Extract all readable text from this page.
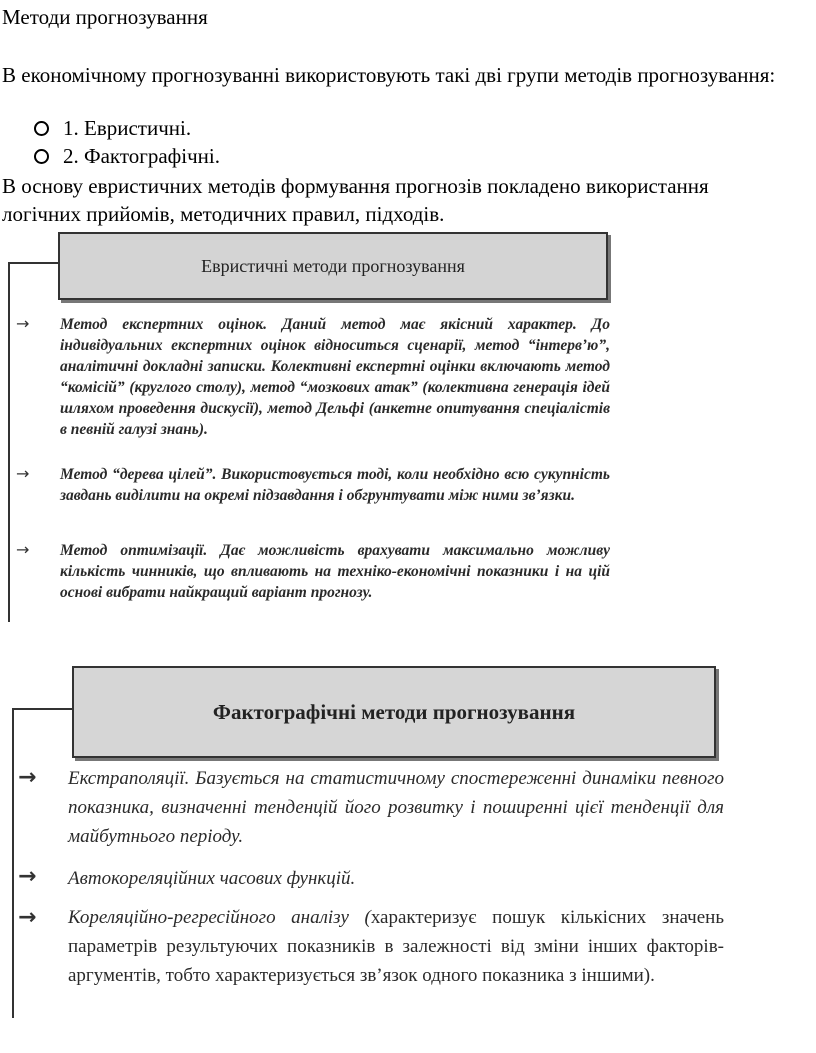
Методи прогнозування
В економічному прогнозуванні використовують такі дві групи методів прогнозування:
1. Евристичні.
2. Фактографічні.
В основу евристичних методів формування прогнозів покладено використання логічних прийомів, методичних правил, підходів.
Евристичні методи прогнозування
→ Метод експертних оцінок. Даний метод має якісний характер. До індивідуальних експертних оцінок відноситься сценарії, метод “інтерв’ю”, аналітичні докладні записки. Колективні експертні оцінки включають метод “комісій” (круглого столу), метод “мозкових атак” (колективна генерація ідей шляхом проведення дискусії), метод Дельфі (анкетне опитування спеціалістів в певній галузі знань).
→ Метод “дерева цілей”. Використовується тоді, коли необхідно всю сукупність завдань виділити на окремі підзавдання і обгрунтувати між ними зв’язки.
→ Метод оптимізації. Дає можливість врахувати максимально можливу кількість чинників, що впливають на техніко-економічні показники і на цій основі вибрати найкращий варіант прогнозу.
Фактографічні методи прогнозування
→ Екстраполяції. Базується на статистичному спостереженні динаміки певного показника, визначенні тенденцій його розвитку і поширенні цієї тенденції для майбутнього періоду.
→ Автокореляційних часових функцій.
→ Кореляційно-регресійного аналізу (характеризує пошук кількісних значень параметрів результуючих показників в залежності від зміни інших факторів-аргументів, тобто характеризується зв’язок одного показника з іншими).
